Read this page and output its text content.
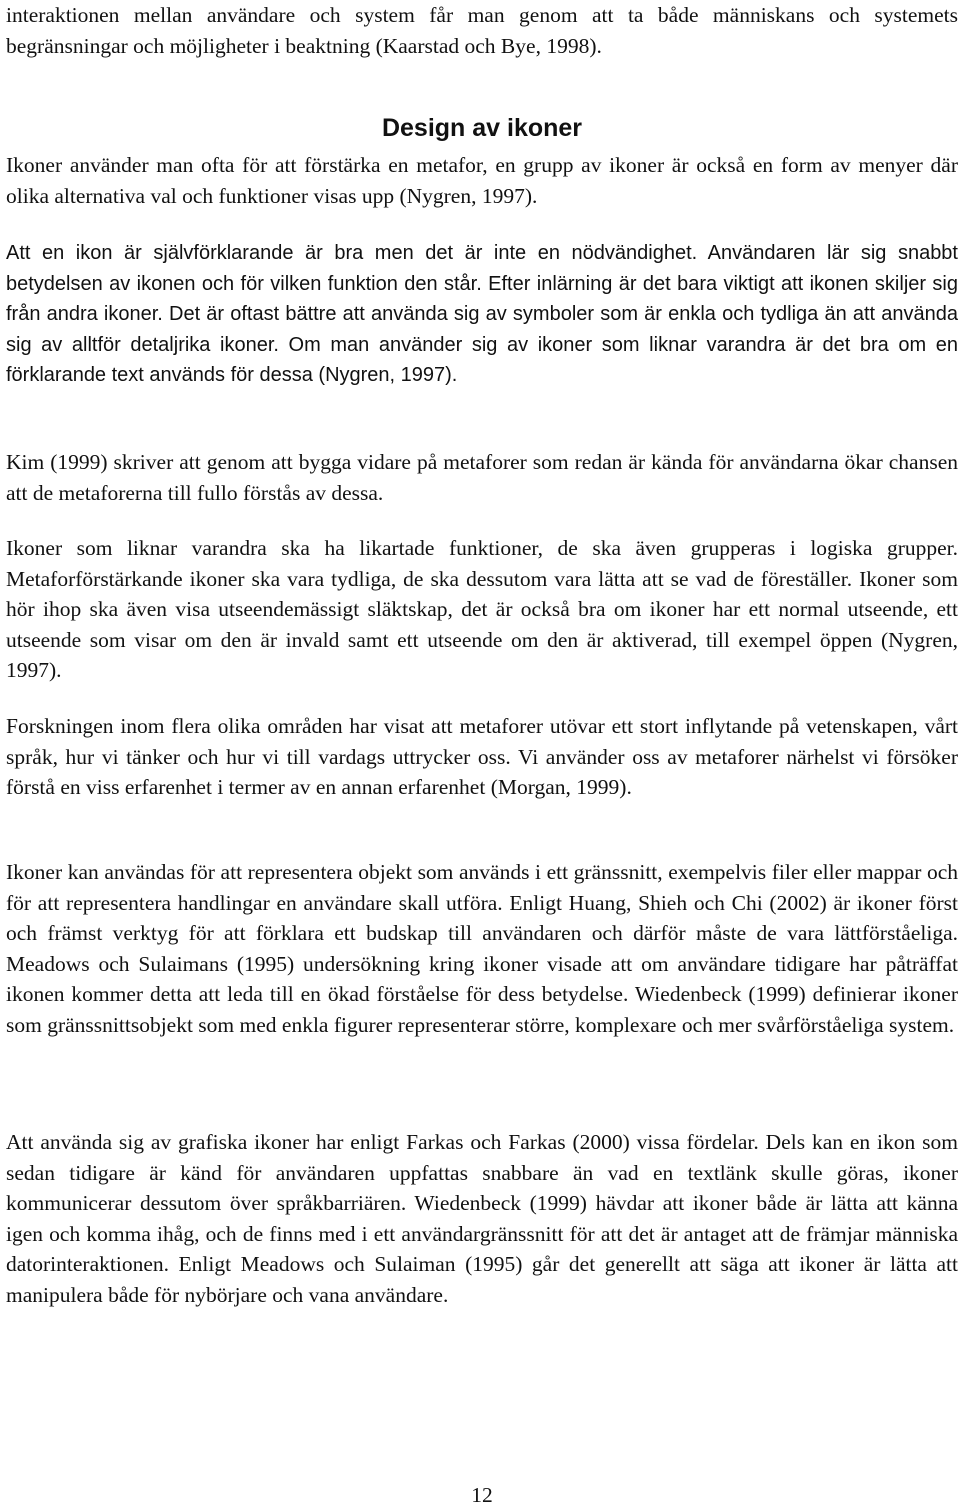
interaktionen mellan användare och system får man genom att ta både människans och systemets begränsningar och möjligheter i beaktning (Kaarstad och Bye, 1998).

Design av ikoner

Ikoner använder man ofta för att förstärka en metafor, en grupp av ikoner är också en form av menyer där olika alternativa val och funktioner visas upp (Nygren, 1997).

Att en ikon är självförklarande är bra men det är inte en nödvändighet. Användaren lär sig snabbt betydelsen av ikonen och för vilken funktion den står. Efter inlärning är det bara viktigt att ikonen skiljer sig från andra ikoner. Det är oftast bättre att använda sig av symboler som är enkla och tydliga än att använda sig av alltför detaljrika ikoner. Om man använder sig av ikoner som liknar varandra är det bra om en förklarande text används för dessa (Nygren, 1997).

Kim (1999) skriver att genom att bygga vidare på metaforer som redan är kända för användarna ökar chansen att de metaforerna till fullo förstås av dessa.

Ikoner som liknar varandra ska ha likartade funktioner, de ska även grupperas i logiska grupper. Metaforförstärkande ikoner ska vara tydliga, de ska dessutom vara lätta att se vad de föreställer. Ikoner som hör ihop ska även visa utseendemässigt släktskap, det är också bra om ikoner har ett normal utseende, ett utseende som visar om den är invald samt ett utseende om den är aktiverad, till exempel öppen (Nygren, 1997).

Forskningen inom flera olika områden har visat att metaforer utövar ett stort inflytande på vetenskapen, vårt språk, hur vi tänker och hur vi till vardags uttrycker oss. Vi använder oss av metaforer närhelst vi försöker förstå en viss erfarenhet i termer av en annan erfarenhet (Morgan, 1999).

Ikoner kan användas för att representera objekt som används i ett gränssnitt, exempelvis filer eller mappar och för att representera handlingar en användare skall utföra. Enligt Huang, Shieh och Chi (2002) är ikoner först och främst verktyg för att förklara ett budskap till användaren och därför måste de vara lättförståeliga. Meadows och Sulaimans (1995) undersökning kring ikoner visade att om användare tidigare har påträffat ikonen kommer detta att leda till en ökad förståelse för dess betydelse. Wiedenbeck (1999) definierar ikoner som gränssnittsobjekt som med enkla figurer representerar större, komplexare och mer svårförståeliga system.

Att använda sig av grafiska ikoner har enligt Farkas och Farkas (2000) vissa fördelar. Dels kan en ikon som sedan tidigare är känd för användaren uppfattas snabbare än vad en textlänk skulle göras, ikoner kommunicerar dessutom över språkbarriären. Wiedenbeck (1999) hävdar att ikoner både är lätta att känna igen och komma ihåg, och de finns med i ett användargränssnitt för att det är antaget att de främjar människa datorinteraktionen. Enligt Meadows och Sulaiman (1995) går det generellt att säga att ikoner är lätta att manipulera både för nybörjare och vana användare.

12
